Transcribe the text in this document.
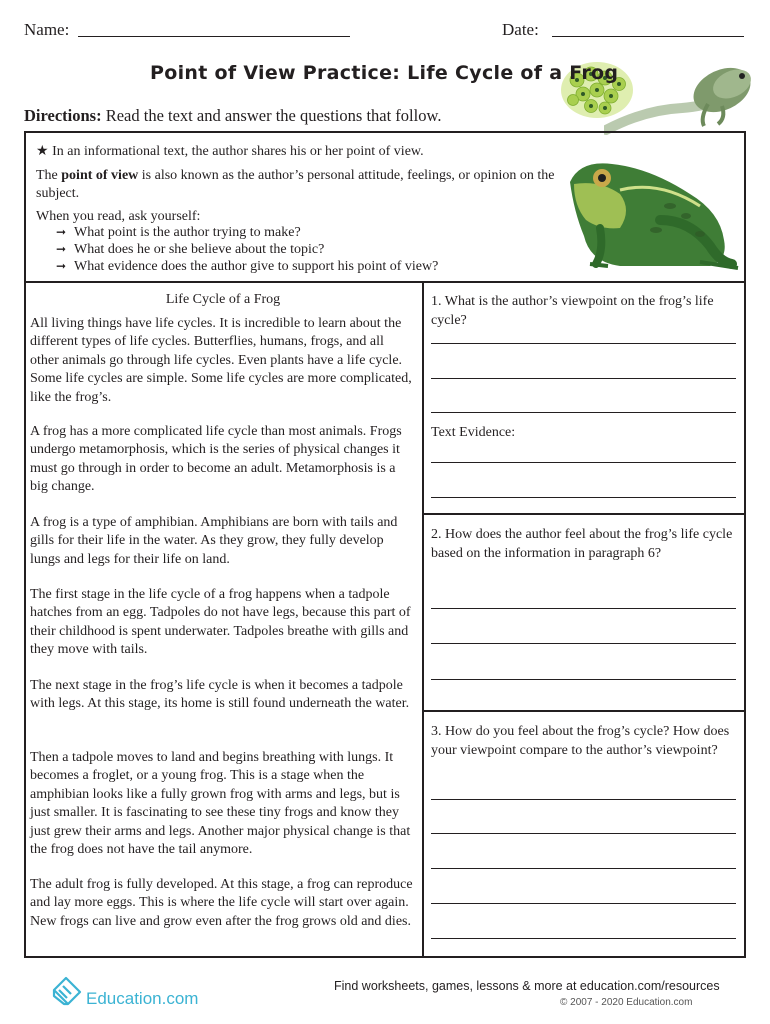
Name:	Date:
Point of View Practice: Life Cycle of a Frog
Directions: Read the text and answer the questions that follow.
★ In an informational text, the author shares his or her point of view.
The point of view is also known as the author’s personal attitude, feelings, or opinion on the subject.
When you read, ask yourself:
➞ What point is the author trying to make?
➞ What does he or she believe about the topic?
➞ What evidence does the author give to support his point of view?
Life Cycle of a Frog
All living things have life cycles. It is incredible to learn about the different types of life cycles. Butterflies, humans, frogs, and all other animals go through life cycles. Even plants have a life cycle. Some life cycles are simple. Some life cycles are more complicated, like the frog’s.
A frog has a more complicated life cycle than most animals. Frogs undergo metamorphosis, which is the series of physical changes it must go through in order to become an adult. Metamorphosis is a big change.
A frog is a type of amphibian. Amphibians are born with tails and gills for their life in the water. As they grow, they fully develop lungs and legs for their life on land.
The first stage in the life cycle of a frog happens when a tadpole hatches from an egg. Tadpoles do not have legs, because this part of their childhood is spent underwater. Tadpoles breathe with gills and they move with tails.
The next stage in the frog’s life cycle is when it becomes a tadpole with legs. At this stage, its home is still found underneath the water.
Then a tadpole moves to land and begins breathing with lungs. It becomes a froglet, or a young frog. This is a stage when the amphibian looks like a fully grown frog with arms and legs, but is just smaller. It is fascinating to see these tiny frogs and know they just grew their arms and legs. Another major physical change is that the frog does not have the tail anymore.
The adult frog is fully developed. At this stage, a frog can reproduce and lay more eggs. This is where the life cycle will start over again. New frogs can live and grow even after the frog grows old and dies.
1. What is the author’s viewpoint on the frog’s life cycle?
Text Evidence:
2. How does the author feel about the frog’s life cycle based on the information in paragraph 6?
3. How do you feel about the frog’s cycle? How does your viewpoint compare to the author’s viewpoint?
Education.com
Find worksheets, games, lessons & more at education.com/resources
© 2007 - 2020 Education.com
